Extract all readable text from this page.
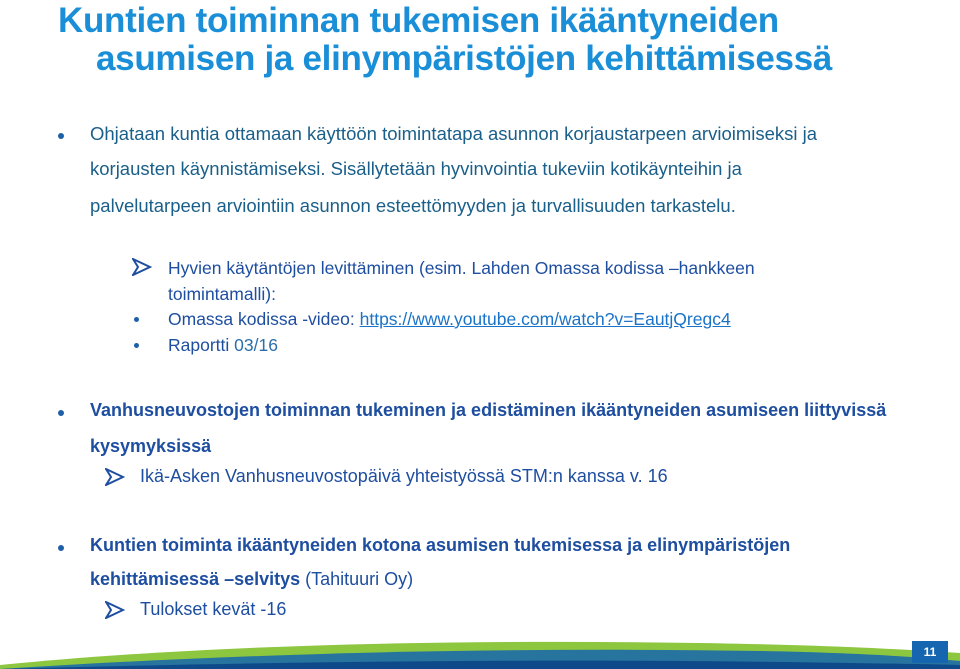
Kuntien toiminnan tukemisen ikääntyneiden
asumisen ja elinympäristöjen kehittämisessä
Ohjataan kuntia ottamaan käyttöön toimintatapa asunnon korjaustarpeen arvioimiseksi ja
korjausten käynnistämiseksi. Sisällytetään hyvinvointia tukeviin kotikäynteihin ja
palvelutarpeen arviointiin asunnon esteettömyyden ja turvallisuuden tarkastelu.
Hyvien käytäntöjen levittäminen (esim. Lahden Omassa kodissa –hankkeen
toimintamalli):
Omassa kodissa -video: https://www.youtube.com/watch?v=EautjQregc4
Raportti 03/16
Vanhusneuvostojen toiminnan tukeminen ja edistäminen ikääntyneiden asumiseen liittyvissä
kysymyksissä
Ikä-Asken Vanhusneuvostopäivä yhteistyössä STM:n kanssa v. 16
Kuntien toiminta ikääntyneiden kotona asumisen tukemisessa ja elinympäristöjen
kehittämisessä –selvitys (Tahituuri Oy)
Tulokset kevät -16
11
